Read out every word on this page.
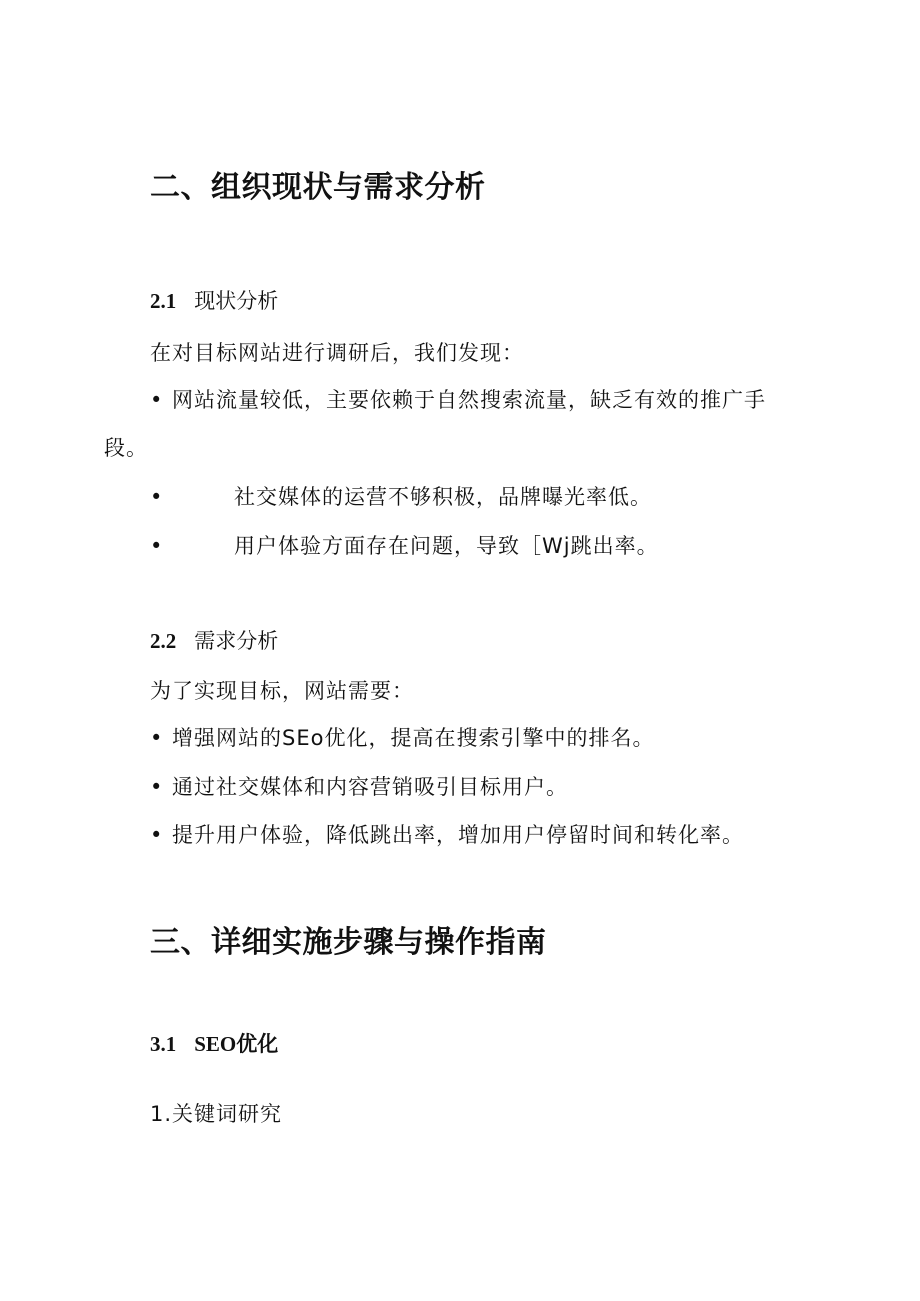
二、组织现状与需求分析
2.1 现状分析
在对目标网站进行调研后，我们发现：
• 网站流量较低，主要依赖于自然搜索流量，缺乏有效的推广手
段。
•	社交媒体的运营不够积极，品牌曝光率低。
•	用户体验方面存在问题，导致［Wj跳出率。
2.2 需求分析
为了实现目标，网站需要：
• 增强网站的SEo优化，提高在搜索引擎中的排名。
• 通过社交媒体和内容营销吸引目标用户。
• 提升用户体验，降低跳出率，增加用户停留时间和转化率。
三、详细实施步骤与操作指南
3.1 SEO优化
1.关键词研究
